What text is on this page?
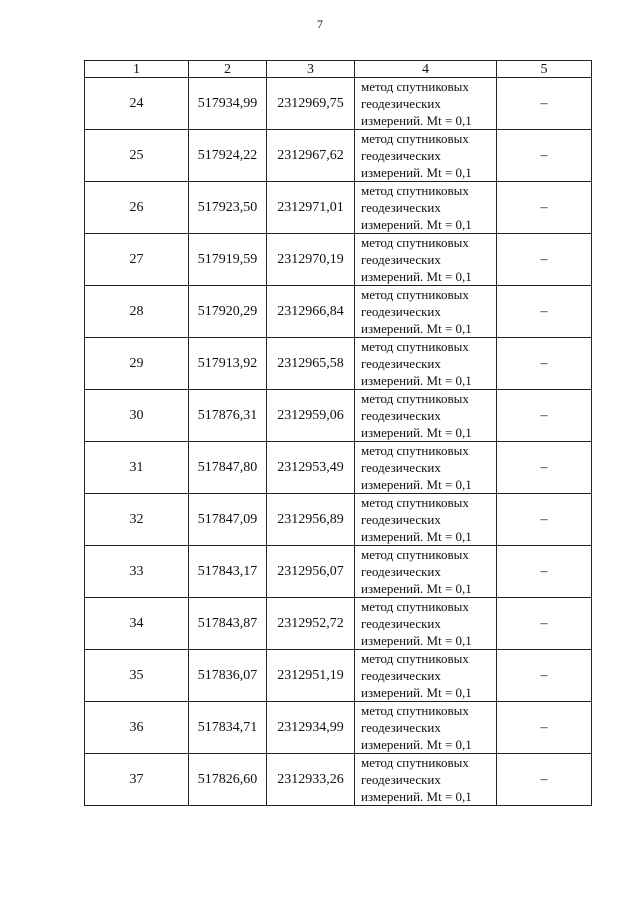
7
1	2	3	4	5
24	517934,99	2312969,75	метод спутниковых
геодезических
измерений. Mt = 0,1	–
25	517924,22	2312967,62	метод спутниковых
геодезических
измерений. Mt = 0,1	–
26	517923,50	2312971,01	метод спутниковых
геодезических
измерений. Mt = 0,1	–
27	517919,59	2312970,19	метод спутниковых
геодезических
измерений. Mt = 0,1	–
28	517920,29	2312966,84	метод спутниковых
геодезических
измерений. Mt = 0,1	–
29	517913,92	2312965,58	метод спутниковых
геодезических
измерений. Mt = 0,1	–
30	517876,31	2312959,06	метод спутниковых
геодезических
измерений. Mt = 0,1	–
31	517847,80	2312953,49	метод спутниковых
геодезических
измерений. Mt = 0,1	–
32	517847,09	2312956,89	метод спутниковых
геодезических
измерений. Mt = 0,1	–
33	517843,17	2312956,07	метод спутниковых
геодезических
измерений. Mt = 0,1	–
34	517843,87	2312952,72	метод спутниковых
геодезических
измерений. Mt = 0,1	–
35	517836,07	2312951,19	метод спутниковых
геодезических
измерений. Mt = 0,1	–
36	517834,71	2312934,99	метод спутниковых
геодезических
измерений. Mt = 0,1	–
37	517826,60	2312933,26	метод спутниковых
геодезических
измерений. Mt = 0,1	–
